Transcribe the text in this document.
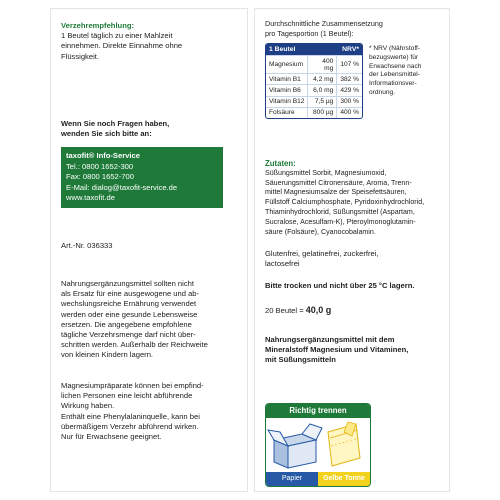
Verzehrempfehlung:
1 Beutel täglich zu einer Mahlzeit
einnehmen. Direkte Einnahme ohne
Flüssigkeit.
Wenn Sie noch Fragen haben,
wenden Sie sich bitte an:
taxofit® Info-Service
Tel.: 0800 1652-300
Fax: 0800 1652-700
E-Mail: dialog@taxofit-service.de
www.taxofit.de
Art.-Nr. 036333
Nahrungsergänzungsmittel sollten nicht
als Ersatz für eine ausgewogene und ab-
wechslungsreiche Ernährung verwendet
werden oder eine gesunde Lebensweise
ersetzen. Die angegebene empfohlene
tägliche Verzehrsmenge darf nicht über-
schritten werden. Außerhalb der Reichweite
von kleinen Kindern lagern.
Magnesiumpräparate können bei empfind-
lichen Personen eine leicht abführende
Wirkung haben.
Enthält eine Phenylalaninquelle, kann bei
übermäßigem Verzehr abführend wirken.
Nur für Erwachsene geeignet.
Durchschnittliche Zusammensetzung
pro Tagesportion (1 Beutel):
1 Beutel		NRV*
Magnesium	400 mg	107 %
Vitamin B1	4,2 mg	382 %
Vitamin B6	6,0 mg	429 %
Vitamin B12	7,5 µg	300 %
Folsäure	800 µg	400 %
* NRV (Nährstoff-
bezugswerte) für
Erwachsene nach
der Lebensmittel-
Informationsver-
ordnung.
Zutaten:
Süßungsmittel Sorbit, Magnesiumoxid,
Säuerungsmittel Citronensäure, Aroma, Trenn-
mittel Magnesiumsalze der Speisefettsäuren,
Füllstoff Calciumphosphate, Pyridoxinhydrochlorid,
Thiaminhydrochlorid, Süßungsmittel (Aspartam,
Sucralose, Acesulfam-K), Pteroylmonoglutamin-
säure (Folsäure), Cyanocobalamin.
Glutenfrei, gelatinefrei, zuckerfrei,
lactosefrei
Bitte trocken und nicht über 25 °C lagern.
20 Beutel = 40,0 g
Nahrungsergänzungsmittel mit dem
Mineralstoff Magnesium und Vitaminen,
mit Süßungsmitteln
Richtig trennen
Papier	Gelbe Tonne
